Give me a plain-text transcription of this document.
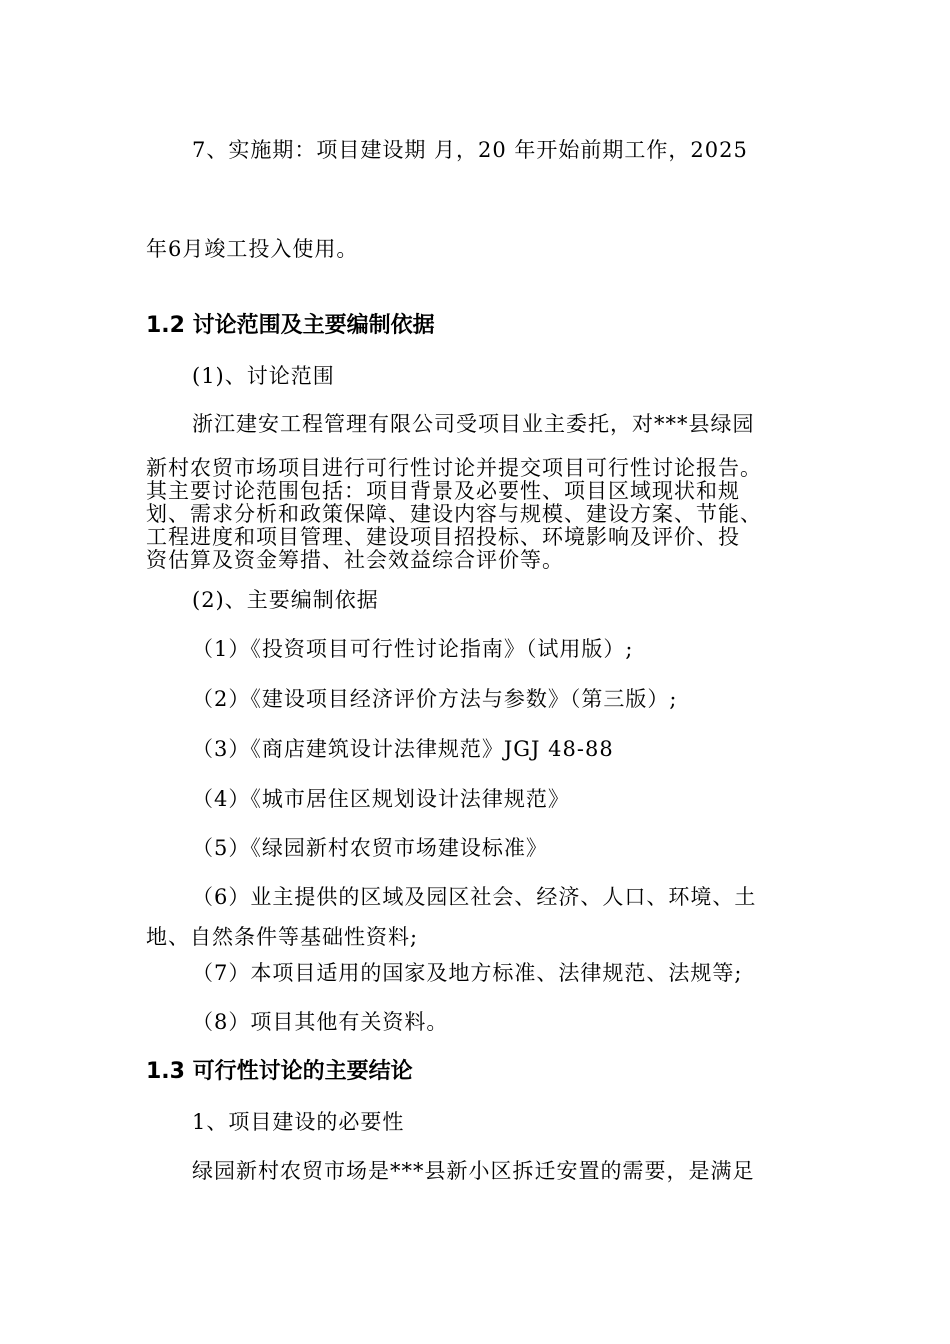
7、实施期：项目建设期 月，20 年开始前期工作，2025
年6月竣工投入使用。
1.2 讨论范围及主要编制依据
(1)、讨论范围
浙江建安工程管理有限公司受项目业主委托，对***县绿园
新村农贸市场项目进行可行性讨论并提交项目可行性讨论报告。
其主要讨论范围包括：项目背景及必要性、项目区域现状和规
划、需求分析和政策保障、建设内容与规模、建设方案、节能、
工程进度和项目管理、建设项目招投标、环境影响及评价、投
资估算及资金筹措、社会效益综合评价等。
(2)、主要编制依据
（1）《投资项目可行性讨论指南》（试用版）;
（2）《建设项目经济评价方法与参数》（第三版）;
（3）《商店建筑设计法律规范》JGJ 48-88
（4）《城市居住区规划设计法律规范》
（5）《绿园新村农贸市场建设标准》
（6）业主提供的区域及园区社会、经济、人口、环境、土
地、自然条件等基础性资料;
（7）本项目适用的国家及地方标准、法律规范、法规等;
（8）项目其他有关资料。
1.3 可行性讨论的主要结论
1、项目建设的必要性
绿园新村农贸市场是***县新小区拆迁安置的需要，是满足
